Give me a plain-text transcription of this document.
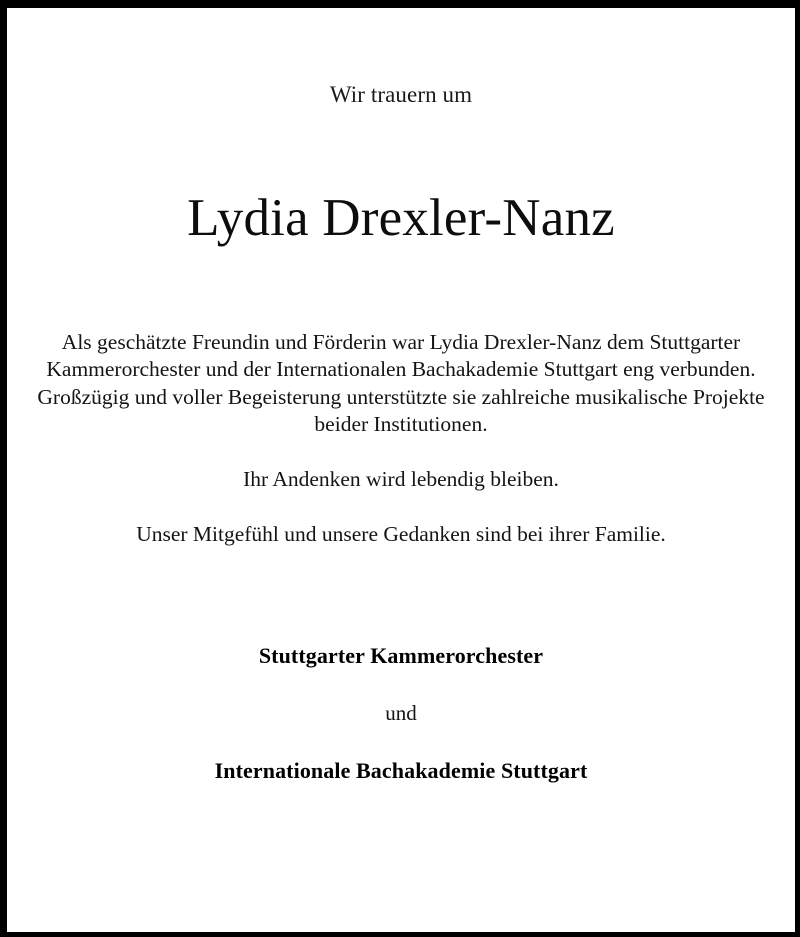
Wir trauern um

Lydia Drexler-Nanz

Als geschätzte Freundin und Förderin war Lydia Drexler-Nanz dem Stuttgarter Kammerorchester und der Internationalen Bachakademie Stuttgart eng verbunden. Großzügig und voller Begeisterung unterstützte sie zahlreiche musikalische Projekte beider Institutionen.

Ihr Andenken wird lebendig bleiben.

Unser Mitgefühl und unsere Gedanken sind bei ihrer Familie.

Stuttgarter Kammerorchester

und

Internationale Bachakademie Stuttgart
